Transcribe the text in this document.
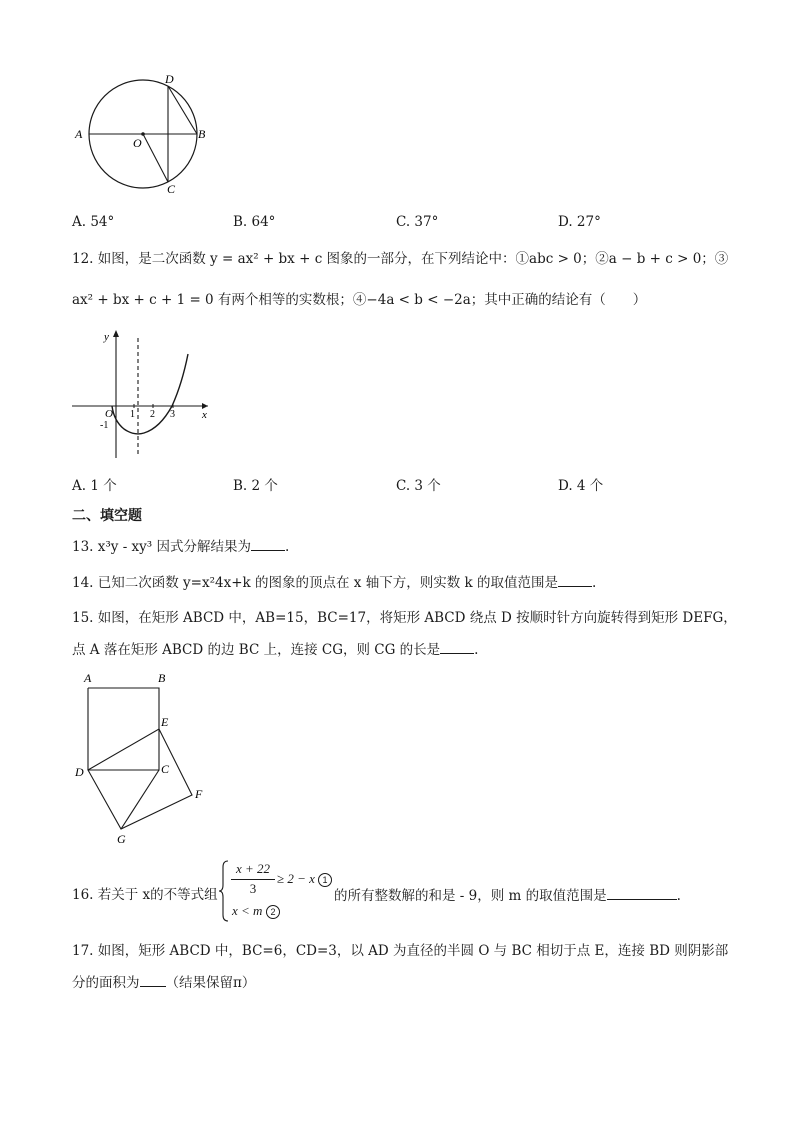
A
O
B
C
D
A. 54°	B. 64°	C. 37°	D. 27°
12. 如图，是二次函数 y = ax² + bx + c 图象的一部分，在下列结论中：①abc > 0；②a − b + c > 0；③
ax² + bx + c + 1 = 0 有两个相等的实数根；④−4a < b < −2a；其中正确的结论有（　　）
y
x
O
-1
1 2 3
A. 1 个	B. 2 个	C. 3 个	D. 4 个
二、填空题
13. x³y - xy³ 因式分解结果为	.
14. 已知二次函数 y=x²4x+k 的图象的顶点在 x 轴下方，则实数 k 的取值范围是	.
15. 如图，在矩形 ABCD 中，AB=15，BC=17，将矩形 ABCD 绕点 D 按顺时针方向旋转得到矩形 DEFG，
点 A 落在矩形 ABCD 的边 BC 上，连接 CG，则 CG 的长是	.
A	B
C
D
E
F
G
16. 若关于 x的不等式组
x + 22
3
≥ 2 − x 1
x < m 2
的所有整数解的和是 - 9，则 m 的取值范围是	.
17. 如图，矩形 ABCD 中，BC=6，CD=3，以 AD 为直径的半圆 O 与 BC 相切于点 E，连接 BD 则阴影部
分的面积为 （结果保留π）
